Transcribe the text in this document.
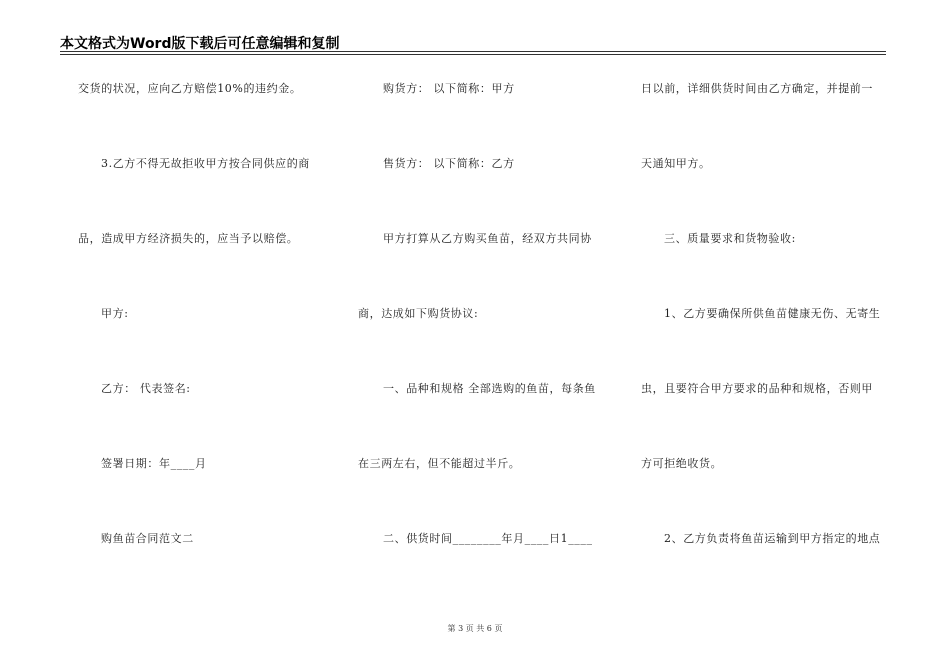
本文格式为Word版下载后可任意编辑和复制
交货的状况，应向乙方赔偿10%的违约金。
3.乙方不得无故拒收甲方按合同供应的商
品，造成甲方经济损失的，应当予以赔偿。
甲方:
乙方： 代表签名:
签署日期：年____月
购鱼苗合同范文二
购货方： 以下简称：甲方
售货方： 以下简称：乙方
甲方打算从乙方购买鱼苗，经双方共同协
商，达成如下购货协议:
一、品种和规格 全部选购的鱼苗，每条鱼
在三两左右，但不能超过半斤。
二、供货时间________年月____日1____
日以前，详细供货时间由乙方确定，并提前一
天通知甲方。
三、质量要求和货物验收:
1、乙方要确保所供鱼苗健康无伤、无寄生
虫，且要符合甲方要求的品种和规格，否则甲
方可拒绝收货。
2、乙方负责将鱼苗运输到甲方指定的地点
第 3 页 共 6 页
